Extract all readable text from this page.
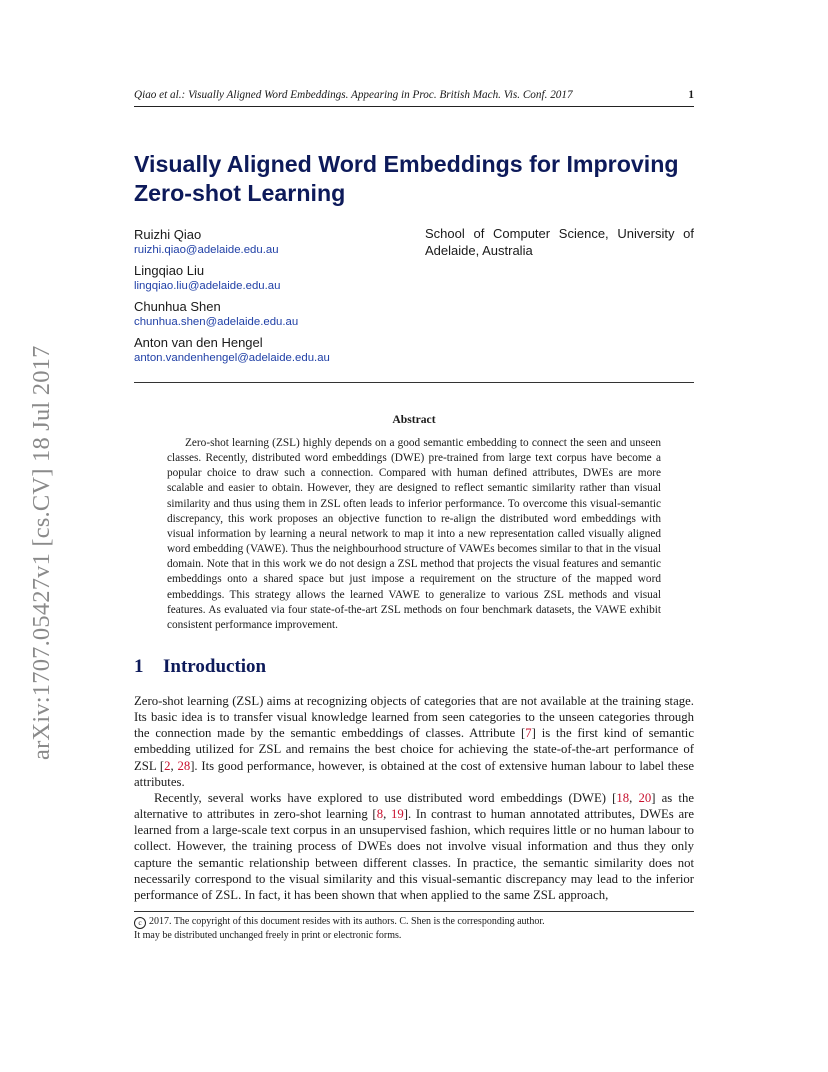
Qiao et al.: Visually Aligned Word Embeddings. Appearing in Proc. British Mach. Vis. Conf. 2017	1
arXiv:1707.05427v1 [cs.CV] 18 Jul 2017
Visually Aligned Word Embeddings for Improving Zero-shot Learning
Ruizhi Qiao
ruizhi.qiao@adelaide.edu.au
Lingqiao Liu
lingqiao.liu@adelaide.edu.au
Chunhua Shen
chunhua.shen@adelaide.edu.au
Anton van den Hengel
anton.vandenhengel@adelaide.edu.au
School of Computer Science, University of Adelaide, Australia
Abstract

Zero-shot learning (ZSL) highly depends on a good semantic embedding to connect the seen and unseen classes. Recently, distributed word embeddings (DWE) pre-trained from large text corpus have become a popular choice to draw such a connection. Compared with human defined attributes, DWEs are more scalable and easier to obtain. However, they are designed to reflect semantic similarity rather than visual similarity and thus using them in ZSL often leads to inferior performance. To overcome this visual-semantic discrepancy, this work proposes an objective function to re-align the distributed word embeddings with visual information by learning a neural network to map it into a new representation called visually aligned word embedding (VAWE). Thus the neighbourhood structure of VAWEs becomes similar to that in the visual domain. Note that in this work we do not design a ZSL method that projects the visual features and semantic embeddings onto a shared space but just impose a requirement on the structure of the mapped word embeddings. This strategy allows the learned VAWE to generalize to various ZSL methods and visual features. As evaluated via four state-of-the-art ZSL methods on four benchmark datasets, the VAWE exhibit consistent performance improvement.

1 Introduction

Zero-shot learning (ZSL) aims at recognizing objects of categories that are not available at the training stage. Its basic idea is to transfer visual knowledge learned from seen categories to the unseen categories through the connection made by the semantic embeddings of classes. Attribute [7] is the first kind of semantic embedding utilized for ZSL and remains the best choice for achieving the state-of-the-art performance of ZSL [2, 28]. Its good performance, however, is obtained at the cost of extensive human labour to label these attributes.

Recently, several works have explored to use distributed word embeddings (DWE) [18, 20] as the alternative to attributes in zero-shot learning [8, 19]. In contrast to human annotated attributes, DWEs are learned from a large-scale text corpus in an unsupervised fashion, which requires little or no human labour to collect. However, the training process of DWEs does not involve visual information and thus they only capture the semantic relationship between different classes. In practice, the semantic similarity does not necessarily correspond to the visual similarity and this visual-semantic discrepancy may lead to the inferior performance of ZSL. In fact, it has been shown that when applied to the same ZSL approach,

c 2017. The copyright of this document resides with its authors. C. Shen is the corresponding author.
It may be distributed unchanged freely in print or electronic forms.
